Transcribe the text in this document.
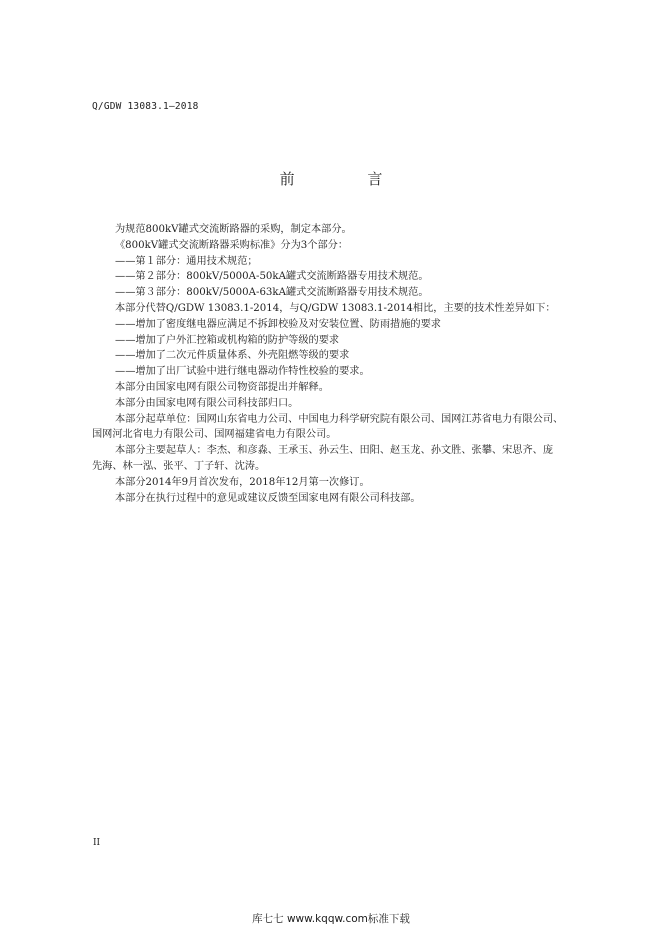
Q/GDW 13083.1—2018
前 言
为规范800kV罐式交流断路器的采购，制定本部分。
《800kV罐式交流断路器采购标准》分为3个部分：
——第１部分：通用技术规范；
——第２部分：800kV/5000A-50kA罐式交流断路器专用技术规范。
——第３部分：800kV/5000A-63kA罐式交流断路器专用技术规范。
本部分代替Q/GDW 13083.1-2014，与Q/GDW 13083.1-2014相比，主要的技术性差异如下：
——增加了密度继电器应满足不拆卸校验及对安装位置、防雨措施的要求
——增加了户外汇控箱或机构箱的防护等级的要求
——增加了二次元件质量体系、外壳阻燃等级的要求
——增加了出厂试验中进行继电器动作特性校验的要求。
本部分由国家电网有限公司物资部提出并解释。
本部分由国家电网有限公司科技部归口。
本部分起草单位：国网山东省电力公司、中国电力科学研究院有限公司、国网江苏省电力有限公司、
国网河北省电力有限公司、国网福建省电力有限公司。
本部分主要起草人：李杰、和彦淼、王承玉、孙云生、田阳、赵玉龙、孙文胜、张攀、宋思齐、庞
先海、林一泓、张平、丁子轩、沈涛。
本部分2014年9月首次发布，2018年12月第一次修订。
本部分在执行过程中的意见或建议反馈至国家电网有限公司科技部。
II
库七七 www.kqqw.com标准下载
